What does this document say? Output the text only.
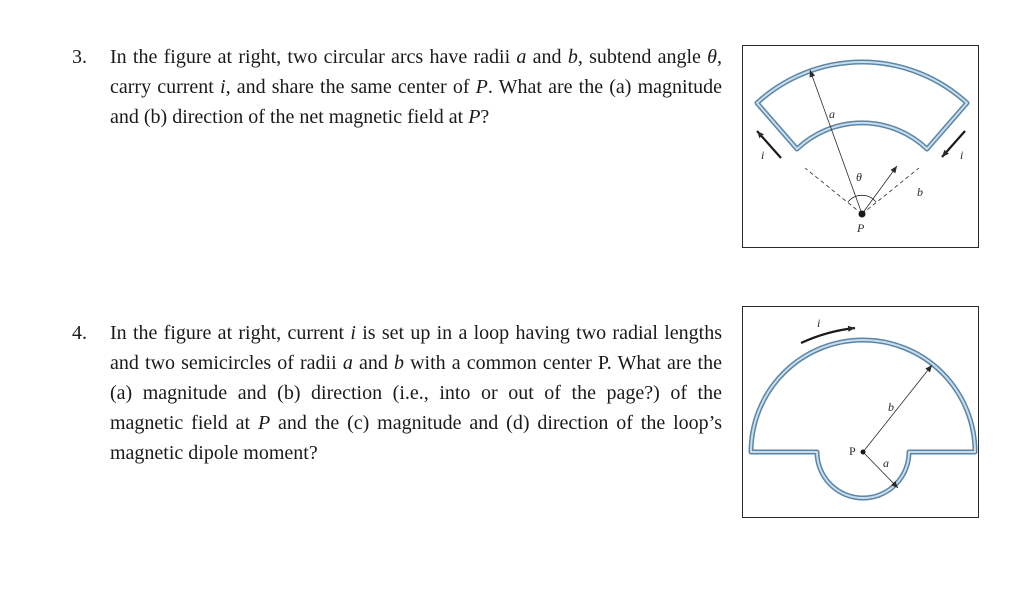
3. In the figure at right, two circular arcs have radii a and b, subtend angle θ, carry current i, and share the same center of P. What are the (a) magnitude and (b) direction of the net magnetic field at P?	a
b
θ
P
i	i
4. In the figure at right, current i is set up in a loop having two radial lengths and two semicircles of radii a and b with a common center P. What are the (a) magnitude and (b) direction (i.e., into or out of the page?) of the magnetic field at P and the (c) magnitude and (d) direction of the loop’s magnetic dipole moment?
i
b
P
a
